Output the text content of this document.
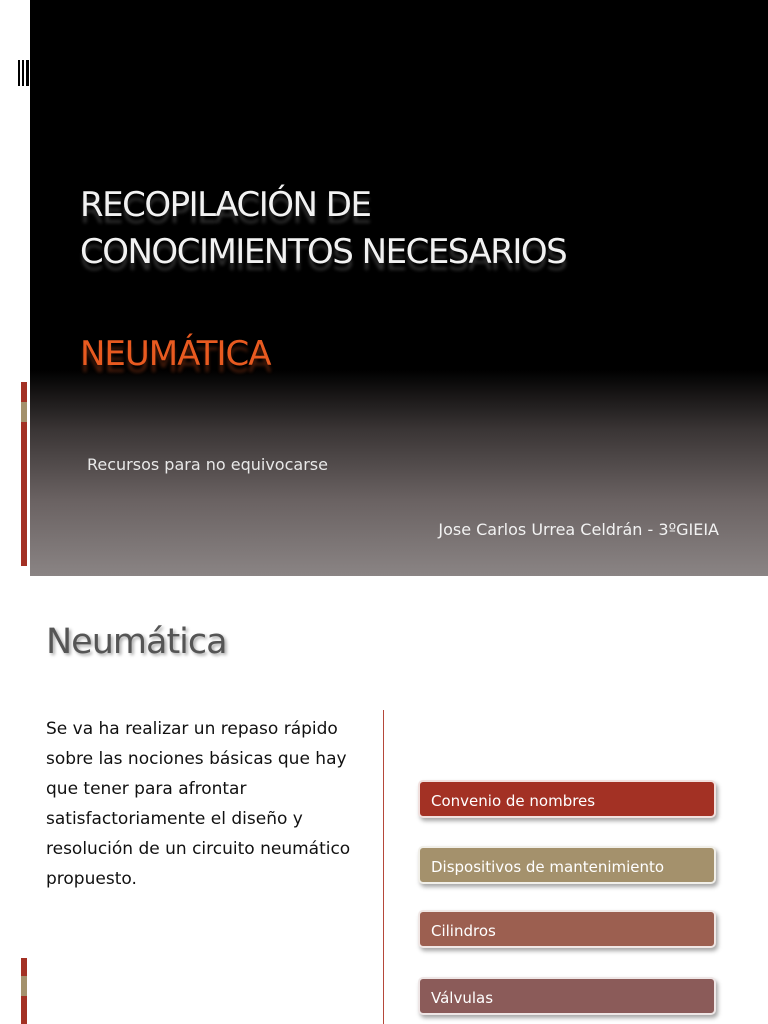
RECOPILACIÓN DE
CONOCIMIENTOS NECESARIOS
NEUMÁTICA
Recursos para no equivocarse
Jose Carlos Urrea Celdrán - 3ºGIEIA
Neumática
Se va ha realizar un repaso rápido sobre las nociones básicas que hay que tener para afrontar satisfactoriamente el diseño y resolución de un circuito neumático propuesto.
Convenio de nombres
Dispositivos de mantenimiento
Cilindros
Válvulas
